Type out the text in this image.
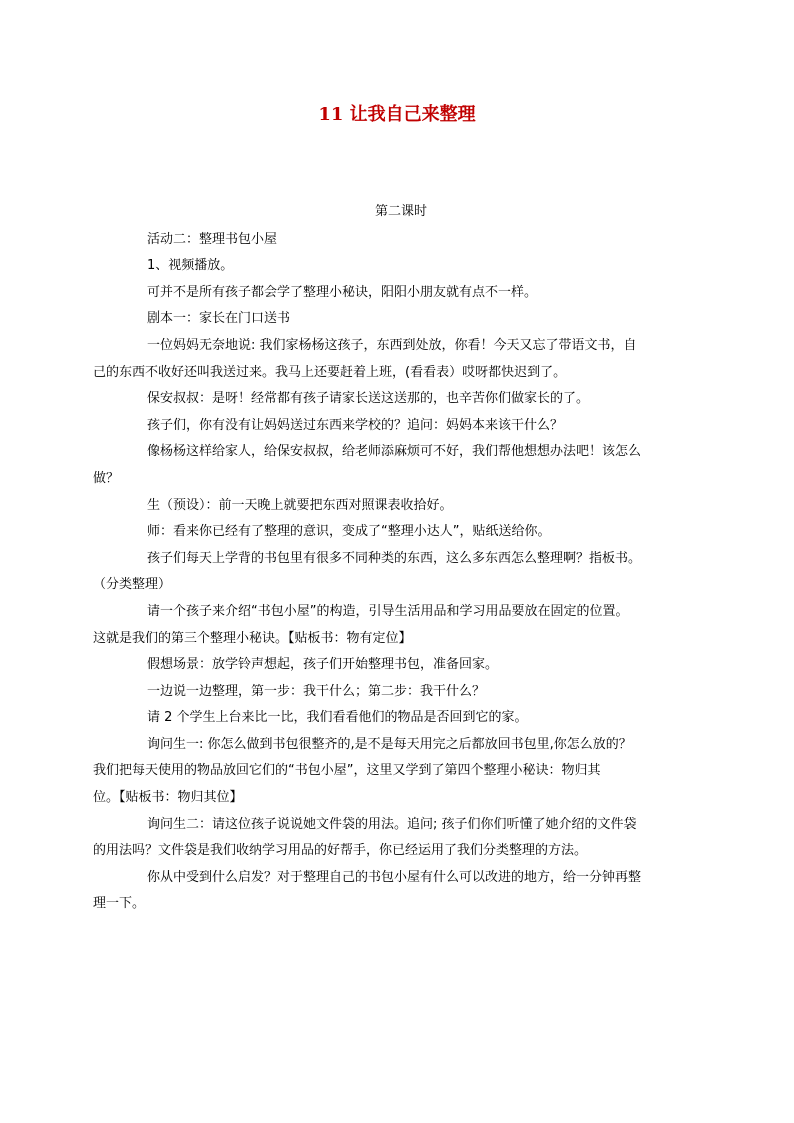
11 让我自己来整理

第二课时

活动二：整理书包小屋

1、视频播放。

可并不是所有孩子都会学了整理小秘诀，阳阳小朋友就有点不一样。

剧本一：家长在门口送书

一位妈妈无奈地说: 我们家杨杨这孩子，东西到处放，你看！今天又忘了带语文书，自
己的东西不收好还叫我送过来。我马上还要赶着上班，(看看表）哎呀都快迟到了。

保安叔叔：是呀！经常都有孩子请家长送这送那的，也辛苦你们做家长的了。

孩子们，你有没有让妈妈送过东西来学校的？追问：妈妈本来该干什么？

像杨杨这样给家人，给保安叔叔，给老师添麻烦可不好，我们帮他想想办法吧！该怎么
做？

生（预设）：前一天晚上就要把东西对照课表收拾好。

师：看来你已经有了整理的意识，变成了“整理小达人”，贴纸送给你。

孩子们每天上学背的书包里有很多不同种类的东西，这么多东西怎么整理啊？指板书。
（分类整理）

请一个孩子来介绍“书包小屋”的构造，引导生活用品和学习用品要放在固定的位置。
这就是我们的第三个整理小秘诀。【贴板书：物有定位】

假想场景：放学铃声想起，孩子们开始整理书包，准备回家。

一边说一边整理，第一步：我干什么；第二步：我干什么？

请 2 个学生上台来比一比，我们看看他们的物品是否回到它的家。

询问生一: 你怎么做到书包很整齐的,是不是每天用完之后都放回书包里,你怎么放的？
我们把每天使用的物品放回它们的“书包小屋”，这里又学到了第四个整理小秘诀：物归其
位。【贴板书：物归其位】

询问生二：请这位孩子说说她文件袋的用法。追问; 孩子们你们听懂了她介绍的文件袋
的用法吗？文件袋是我们收纳学习用品的好帮手，你已经运用了我们分类整理的方法。

你从中受到什么启发？对于整理自己的书包小屋有什么可以改进的地方，给一分钟再整
理一下。
